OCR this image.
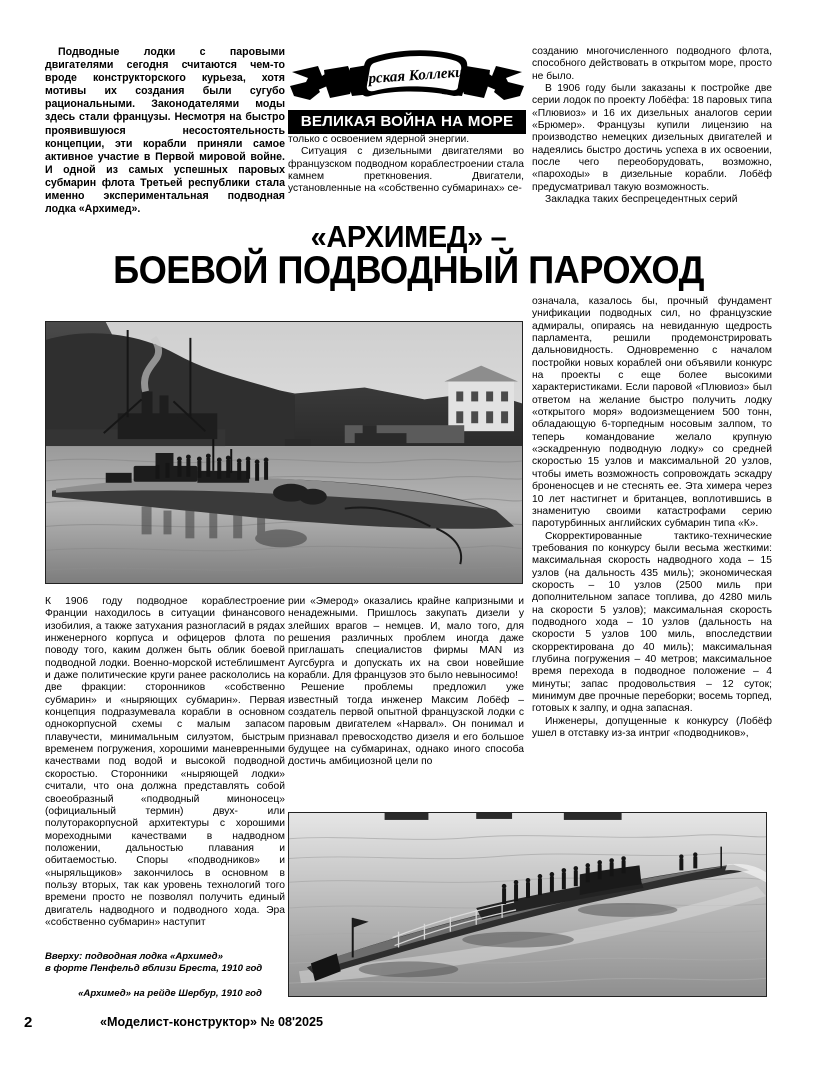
Подводные лодки с паровыми двигателями сегодня считаются чем-то вроде конструкторского курьеза, хотя мотивы их создания были сугубо рациональными. Законодателями моды здесь стали французы. Несмотря на быстро проявившуюся несостоятельность концепции, эти корабли приняли самое активное участие в Первой мировой войне. И одной из самых успешных паровых субмарин флота Третьей республики стала именно экспериментальная подводная лодка «Архимед».

Морская Коллекция
ВЕЛИКАЯ ВОЙНА НА МОРЕ

только с освоением ядерной энергии.

Ситуация с дизельными двигателями во французском подводном кораблестроении стала камнем преткновения. Двигатели, установленные на «собственно субмаринах» се-

созданию многочисленного подводного флота, способного действовать в открытом море, просто не было.

В 1906 году были заказаны к постройке две серии лодок по проекту Лобёфа: 18 паровых типа «Плювиоз» и 16 их дизельных аналогов серии «Брюмер». Французы купили лицензию на производство немецких дизельных двигателей и надеялись быстро достичь успеха в их освоении, после чего переоборудовать, возможно, «пароходы» в дизельные корабли. Лобёф предусматривал такую возможность.

Закладка таких беспрецедентных серий

«АРХИМЕД» –
БОЕВОЙ ПОДВОДНЫЙ ПАРОХОД

К 1906 году подводное кораблестроение Франции находилось в ситуации финансового изобилия, а также затухания разногласий в рядах инженерного корпуса и офицеров флота по поводу того, каким должен быть облик боевой подводной лодки. Военно-морской истеблишмент и даже политические круги ранее раскололись на две фракции: сторонников «собственно субмарин» и «ныряющих субмарин». Первая концепция подразумевала корабли в основном однокорпусной схемы с малым запасом плавучести, минимальным силуэтом, быстрым временем погружения, хорошими маневренными качествами под водой и высокой подводной скоростью. Сторонники «ныряющей лодки» считали, что она должна представлять собой своеобразный «подводный миноносец» (официальный термин) двух- или полуторакорпусной архитектуры с хорошими мореходными качествами в надводном положении, дальностью плавания и обитаемостью. Споры «подводников» и «ныряльщиков» закончилось в основном в пользу вторых, так как уровень технологий того времени просто не позволял получить единый двигатель надводного и подводного хода. Эра «собственно субмарин» наступит

рии «Эмерод» оказались крайне капризными и ненадежными. Пришлось закупать дизели у злейших врагов – немцев. И, мало того, для решения различных проблем иногда даже приглашать специалистов фирмы MAN из Аугсбурга и допускать их на свои новейшие корабли. Для французов это было невыносимо!

Решение проблемы предложил уже известный тогда инженер Максим Лобёф – создатель первой опытной французской лодки с паровым двигателем «Нарвал». Он понимал и признавал превосходство дизеля и его большое будущее на субмаринах, однако иного способа достичь амбициозной цели по

означала, казалось бы, прочный фундамент унификации подводных сил, но французские адмиралы, опираясь на невиданную щедрость парламента, решили продемонстрировать дальновидность. Одновременно с началом постройки новых кораблей они объявили конкурс на проекты с еще более высокими характеристиками. Если паровой «Плювиоз» был ответом на желание быстро получить лодку «открытого моря» водоизмещением 500 тонн, обладающую 6-торпедным носовым залпом, то теперь командование желало крупную «эскадренную подводную лодку» со средней скоростью 15 узлов и максимальной 20 узлов, чтобы иметь возможность сопровождать эскадру броненосцев и не стеснять ее. Эта химера через 10 лет настигнет и британцев, воплотившись в знаменитую своими катастрофами серию паротурбинных английских субмарин типа «К».

Скорректированные тактико-технические требования по конкурсу были весьма жесткими: максимальная скорость надводного хода – 15 узлов (на дальность 435 миль); экономическая скорость – 10 узлов (2500 миль при дополнительном запасе топлива, до 4280 миль на скорости 5 узлов); максимальная скорость подводного хода – 10 узлов (дальность на скорости 5 узлов 100 миль, впоследствии скорректирована до 40 миль); максимальная глубина погружения – 40 метров; максимальное время перехода в подводное положение – 4 минуты; запас продовольствия – 12 суток; минимум две прочные переборки; восемь торпед, готовых к залпу, и одна запасная.

Инженеры, допущенные к конкурсу (Лобёф ушел в отставку из-за интриг «подводников»,

Вверху: подводная лодка «Архимед»
в форте Пенфельд вблизи Бреста, 1910 год
«Архимед» на рейде Шербур, 1910 год
2	«Моделист-конструктор» № 08'2025
